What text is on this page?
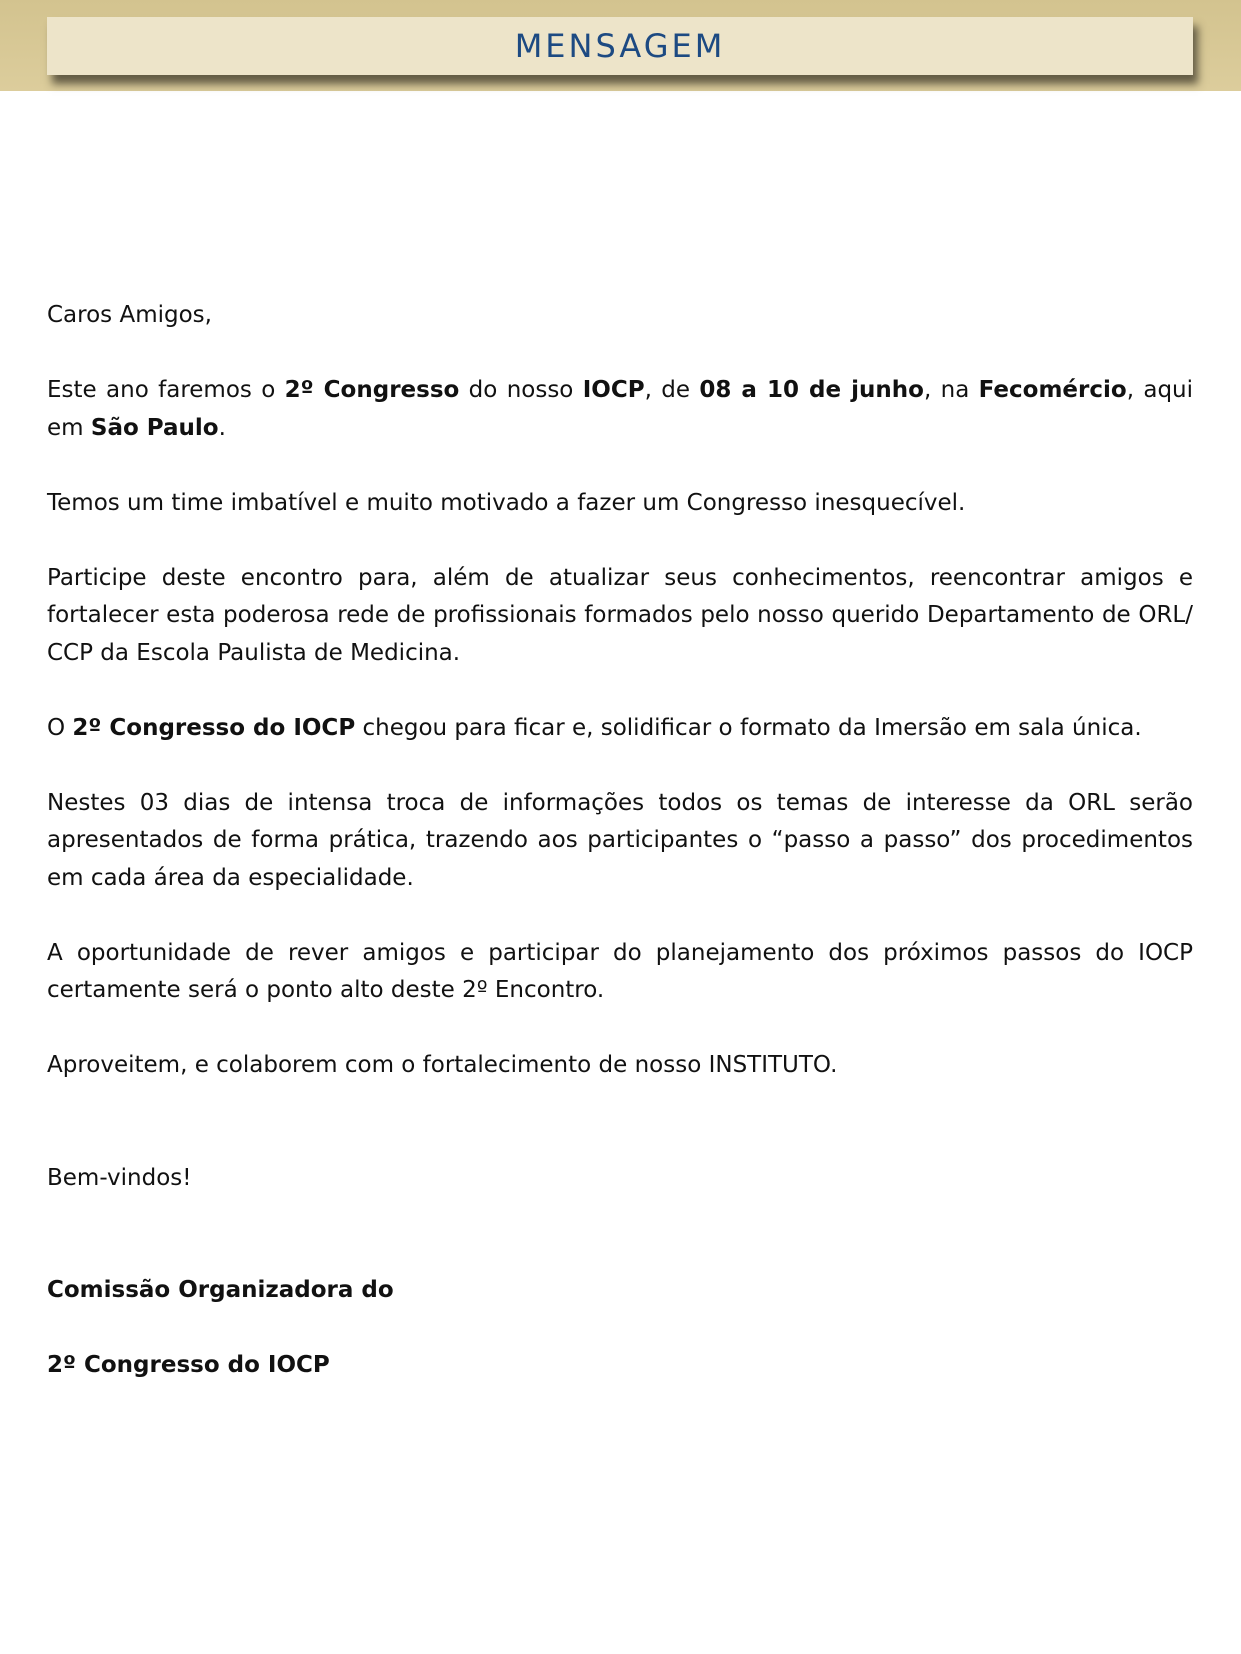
MENSAGEM

Caros Amigos,

Este ano faremos o 2º Congresso do nosso IOCP, de 08 a 10 de junho, na Fecomércio, aqui em São Paulo.

Temos um time imbatível e muito motivado a fazer um Congresso inesquecível.

Participe deste encontro para, além de atualizar seus conhecimentos, reencontrar amigos e fortalecer esta poderosa rede de profissionais formados pelo nosso querido Departamento de ORL/ CCP da Escola Paulista de Medicina.

O 2º Congresso do IOCP chegou para ficar e, solidificar o formato da Imersão em sala única.

Nestes 03 dias de intensa troca de informações todos os temas de interesse da ORL serão apresentados de forma prática, trazendo aos participantes o “passo a passo” dos procedimentos em cada área da especialidade.

A oportunidade de rever amigos e participar do planejamento dos próximos passos do IOCP certamente será o ponto alto deste 2º Encontro.

Aproveitem, e colaborem com o fortalecimento de nosso INSTITUTO.

Bem-vindos!

Comissão Organizadora do

2º Congresso do IOCP
